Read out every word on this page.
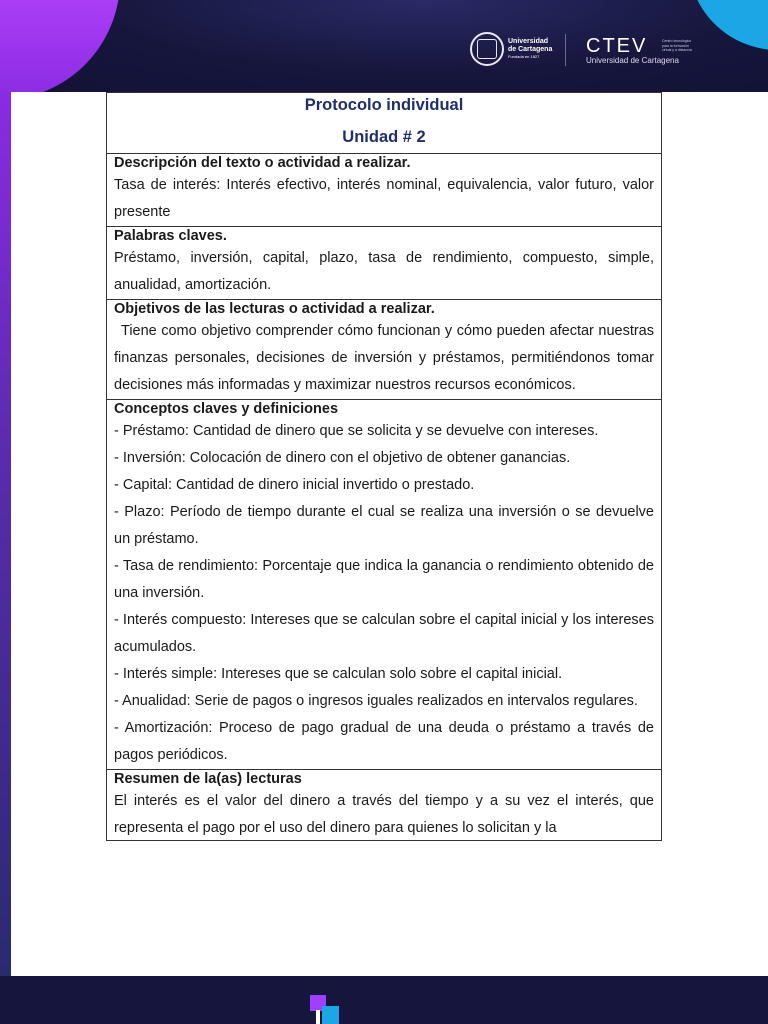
Universidad
de Cartagena
Fundada en 1827	CTEV
Universidad de Cartagena
Centro tecnológico para la formación virtual y a distancia
Protocolo individual
Unidad # 2

Descripción del texto o actividad a realizar.
Tasa de interés: Interés efectivo, interés nominal, equivalencia, valor futuro, valor presente

Palabras claves.
Préstamo, inversión, capital, plazo, tasa de rendimiento, compuesto, simple, anualidad, amortización.

Objetivos de las lecturas o actividad a realizar.
Tiene como objetivo comprender cómo funcionan y cómo pueden afectar nuestras finanzas personales, decisiones de inversión y préstamos, permitiéndonos tomar decisiones más informadas y maximizar nuestros recursos económicos.

Conceptos claves y definiciones
- Préstamo: Cantidad de dinero que se solicita y se devuelve con intereses.
- Inversión: Colocación de dinero con el objetivo de obtener ganancias.
- Capital: Cantidad de dinero inicial invertido o prestado.
- Plazo: Período de tiempo durante el cual se realiza una inversión o se devuelve un préstamo.
- Tasa de rendimiento: Porcentaje que indica la ganancia o rendimiento obtenido de una inversión.
- Interés compuesto: Intereses que se calculan sobre el capital inicial y los intereses acumulados.
- Interés simple: Intereses que se calculan solo sobre el capital inicial.
- Anualidad: Serie de pagos o ingresos iguales realizados en intervalos regulares.
- Amortización: Proceso de pago gradual de una deuda o préstamo a través de pagos periódicos.

Resumen de la(as) lecturas
El interés es el valor del dinero a través del tiempo y a su vez el interés, que representa el pago por el uso del dinero para quienes lo solicitan y la
